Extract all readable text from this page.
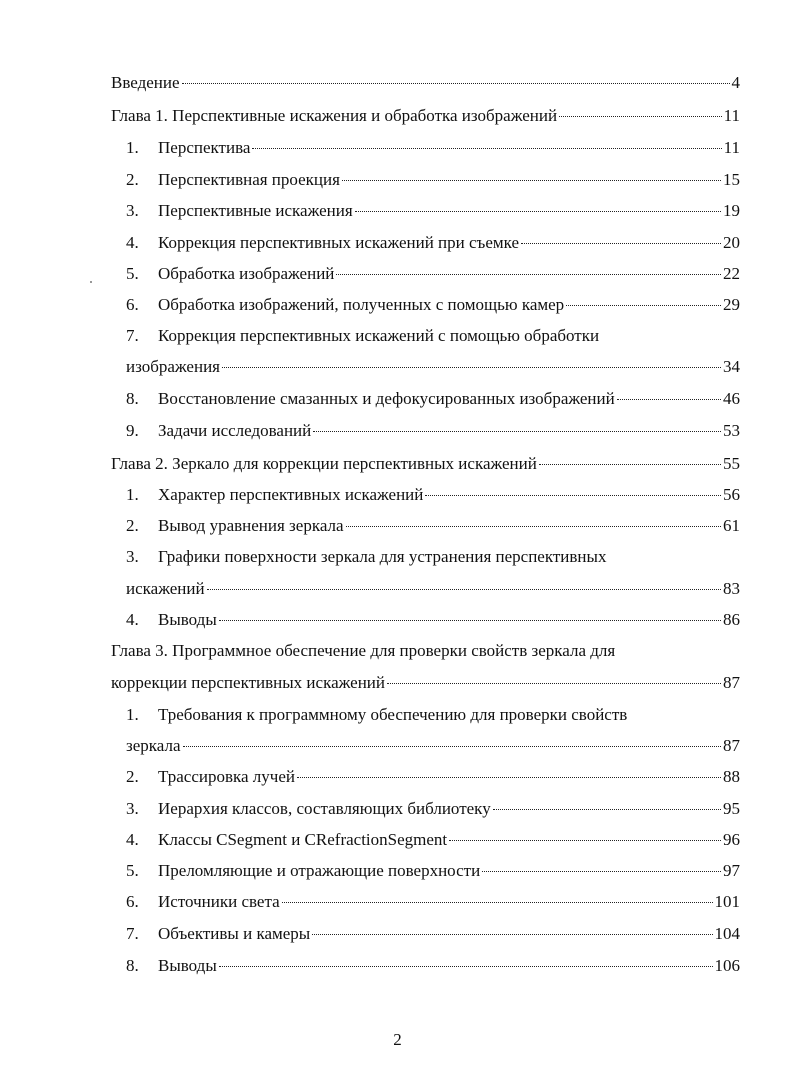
Введение	4
Глава 1. Перспективные искажения и обработка изображений	11
1.	Перспектива	11
2.	Перспективная проекция	15
3.	Перспективные искажения	19
4.	Коррекция перспективных искажений при съемке	20
5.	Обработка изображений	22
6.	Обработка изображений, полученных с помощью камер	29
7. Коррекция перспективных искажений с помощью обработки
изображения	34
8.	Восстановление смазанных и дефокусированных изображений	46
9.	Задачи исследований	53
Глава 2. Зеркало для коррекции перспективных искажений	55
1.	Характер перспективных искажений	56
2.	Вывод уравнения зеркала	61
3. Графики поверхности зеркала для устранения перспективных
искажений	83
4.	Выводы	86
Глава 3. Программное обеспечение для проверки свойств зеркала для
коррекции перспективных искажений	87
1. Требования к программному обеспечению для проверки свойств
зеркала	87
2.	Трассировка лучей	88
3.	Иерархия классов, составляющих библиотеку	95
4.	Классы CSegment и CRefractionSegment	96
5.	Преломляющие и отражающие поверхности	97
6.	Источники света	101
7.	Объективы и камеры	104
8.	Выводы	106
2
